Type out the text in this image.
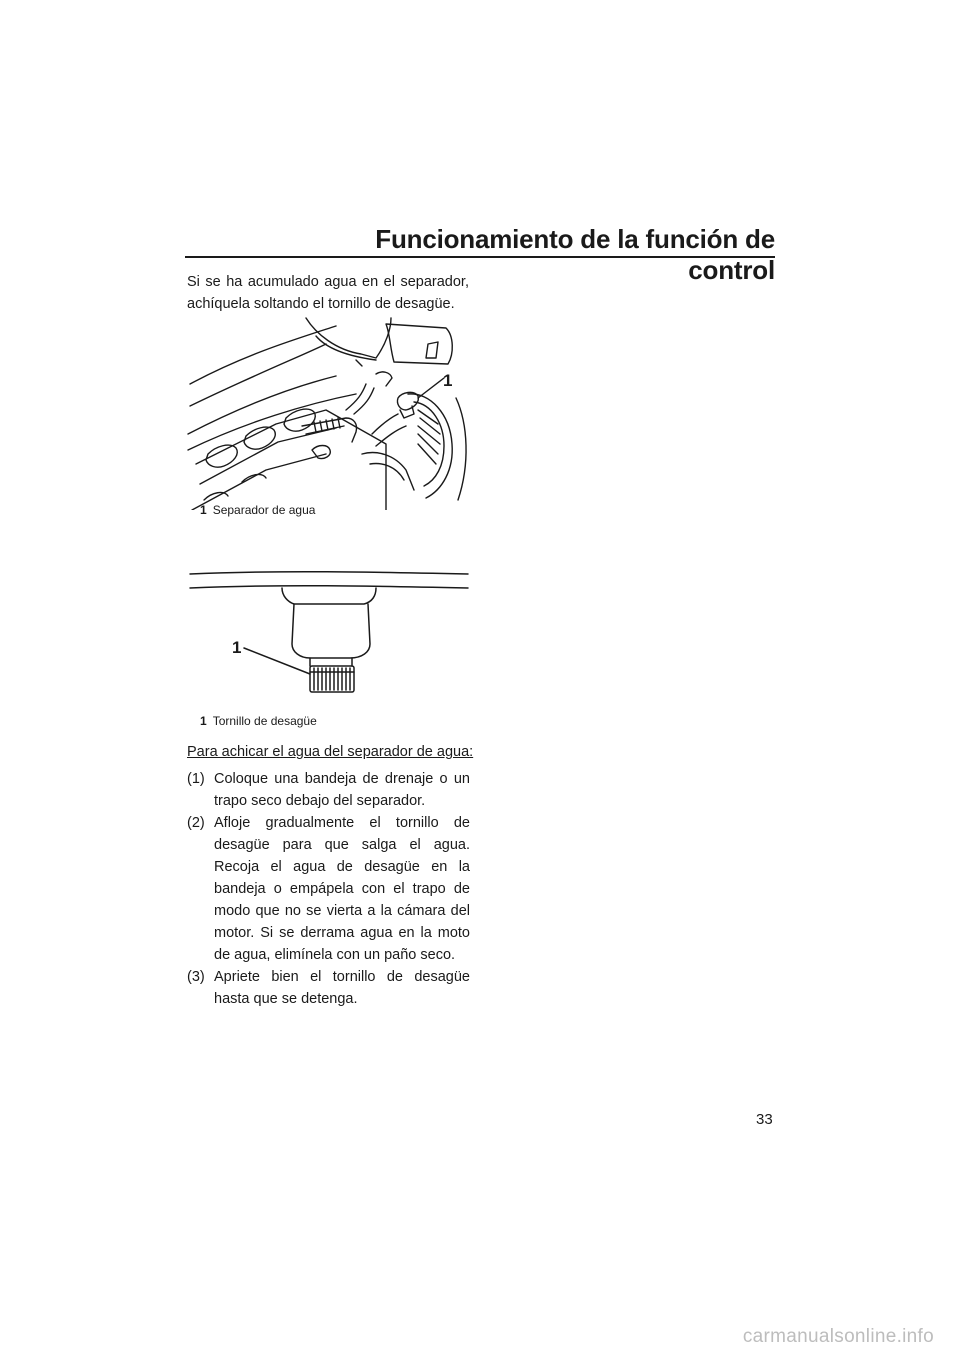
Funcionamiento de la función de control

Si se ha acumulado agua en el separador, achíquela soltando el tornillo de desagüe.

1
1 Separador de agua
1
1 Tornillo de desagüe
Para achicar el agua del separador de agua:
(1) Coloque una bandeja de drenaje o un trapo seco debajo del separador.
(2) Afloje gradualmente el tornillo de desagüe para que salga el agua. Recoja el agua de desagüe en la bandeja o empápela con el trapo de modo que no se vierta a la cámara del motor. Si se derrama agua en la moto de agua, elimínela con un paño seco.
(3) Apriete bien el tornillo de desagüe hasta que se detenga.
33
carmanualsonline.info
